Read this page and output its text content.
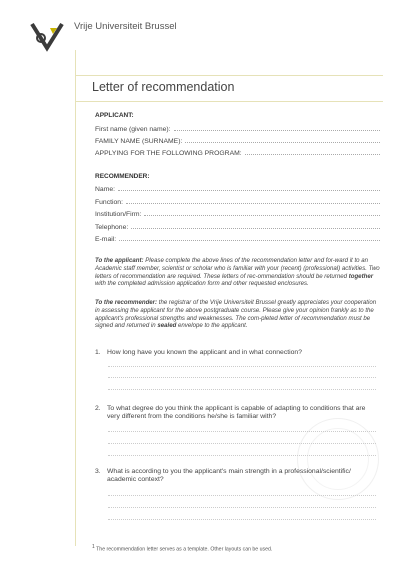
Vrije Universiteit Brussel
Letter of recommendation
APPLICANT:
First name (given name):
FAMILY NAME (SURNAME):
APPLYING FOR THE FOLLOWING PROGRAM:
RECOMMENDER:
Name:
Function:
Institution/Firm:
Telephone:
E-mail:
To the applicant: Please complete the above lines of the recommendation letter and for-ward it to an Academic staff member, scientist or scholar who is familiar with your (recent) (professional) activities. Two letters of recommendation are required. These letters of rec-ommendation should be returned together with the completed admission application form and other requested enclosures.
To the recommender: the registrar of the Vrije Universiteit Brussel greatly appreciates your cooperation in assessing the applicant for the above postgraduate course. Please give your opinion frankly as to the applicant's professional strengths and weaknesses. The com-pleted letter of recommendation must be signed and returned in sealed envelope to the applicant.
1. How long have you known the applicant and in what connection?
2. To what degree do you think the applicant is capable of adapting to conditions that are very different from the conditions he/she is familiar with?
3. What is according to you the applicant's main strength in a professional/scientific/ academic context?
$^1$ The recommendation letter serves as a template. Other layouts can be used.
